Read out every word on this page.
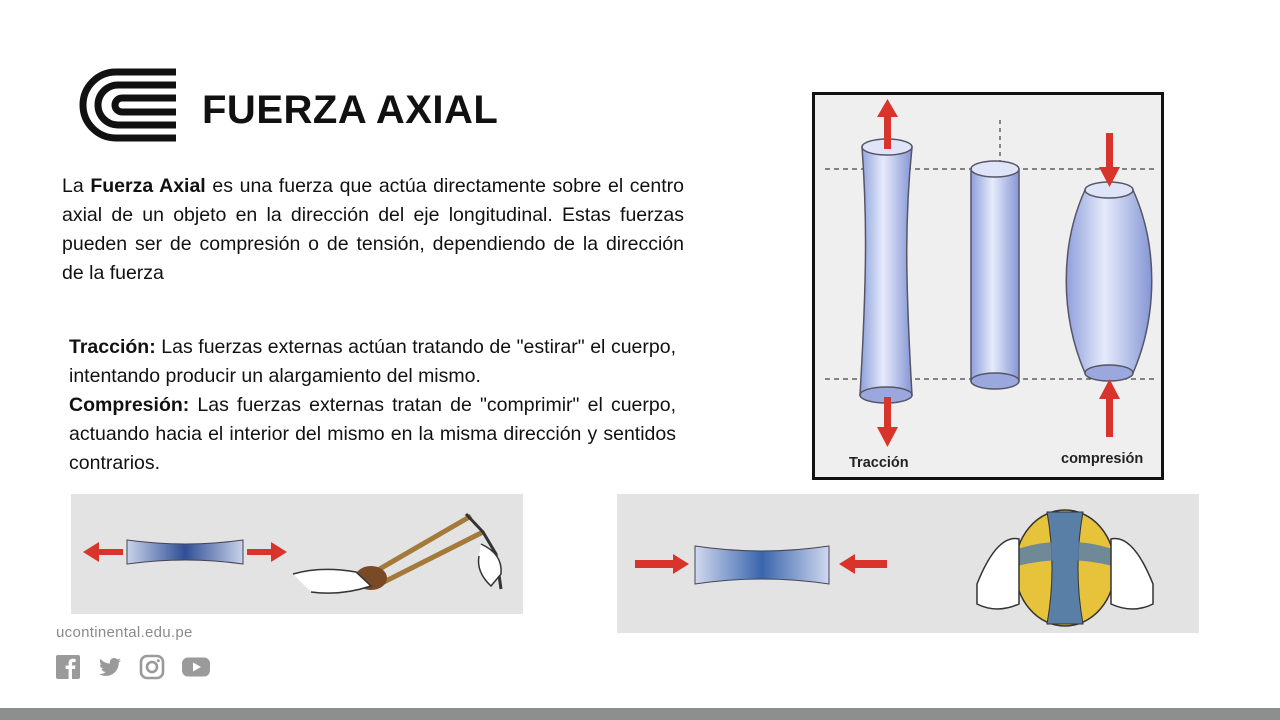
FUERZA AXIAL

La Fuerza Axial es una fuerza que actúa directamente sobre el centro axial de un objeto en la dirección del eje longitudinal. Estas fuerzas pueden ser de compresión o de tensión, dependiendo de la dirección de la fuerza

Tracción: Las fuerzas externas actúan tratando de "estirar" el cuerpo, intentando producir un alargamiento del mismo.

Compresión: Las fuerzas externas tratan de "comprimir" el cuerpo, actuando hacia el interior del mismo en la misma dirección y sentidos contrarios.	Tracción	compresión
ucontinental.edu.pe
